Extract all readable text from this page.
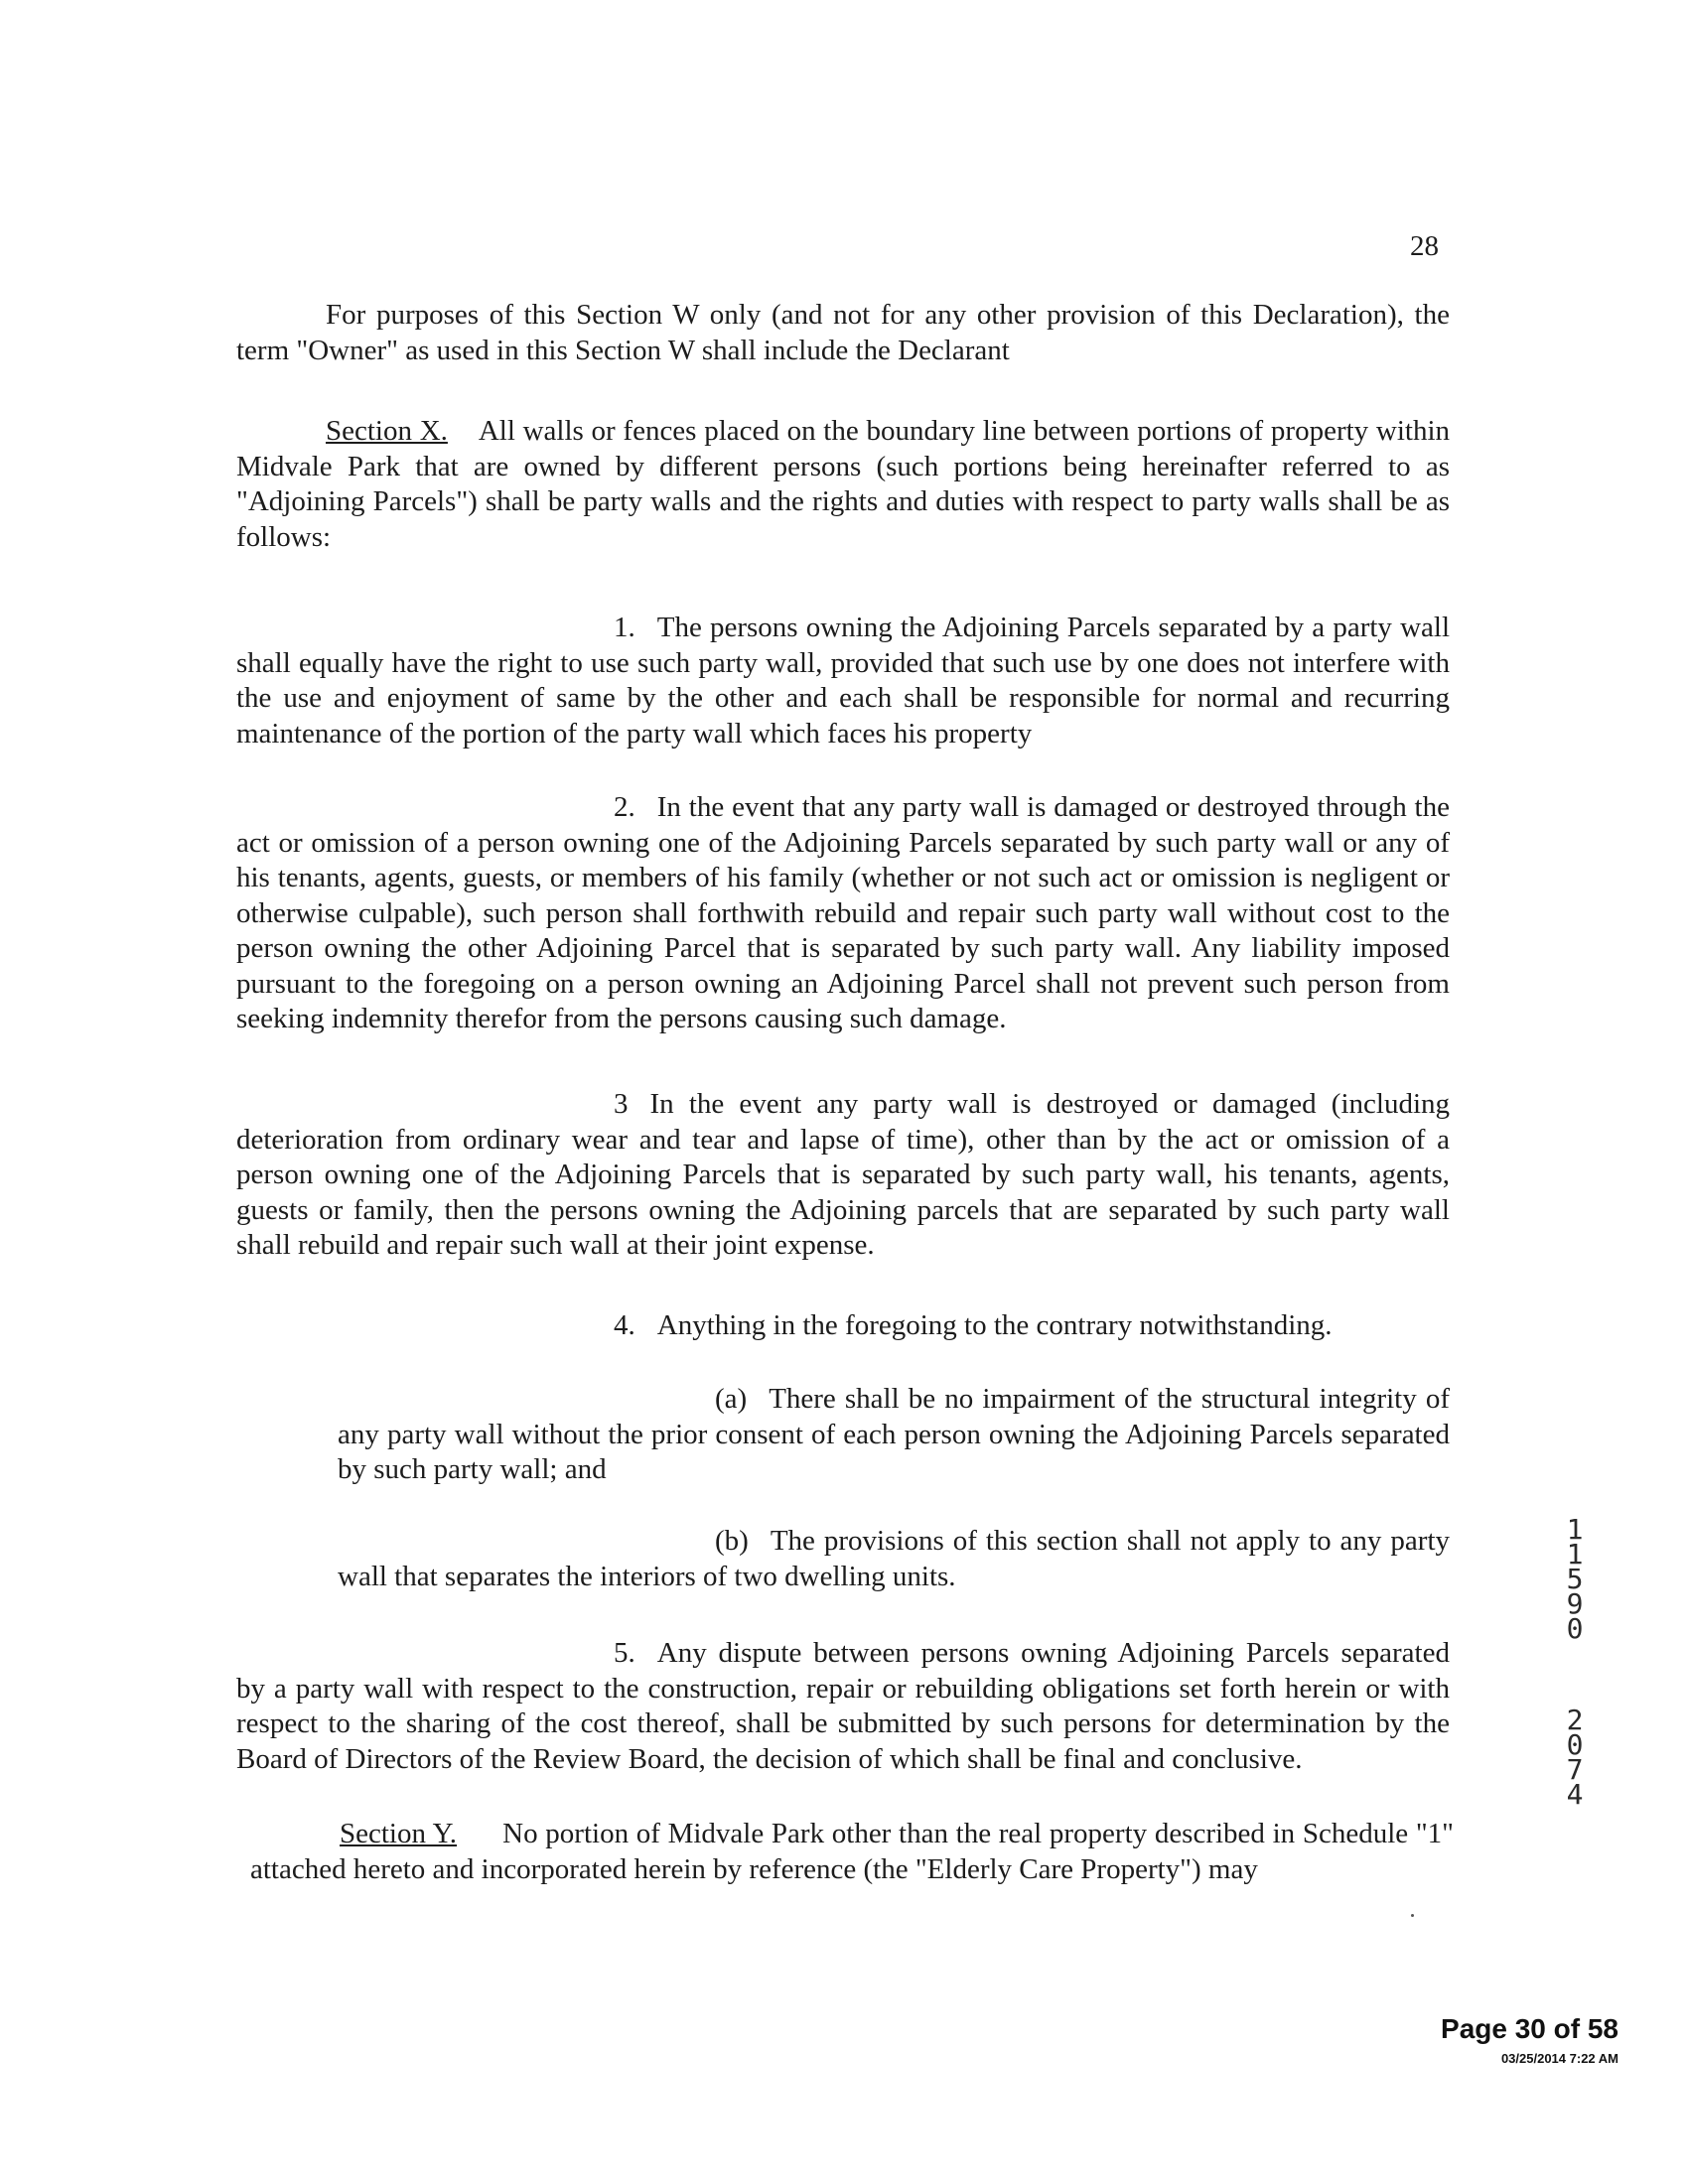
28

For purposes of this Section W only (and not for any other provision of this Declaration), the term "Owner" as used in this Section W shall include the Declarant

Section X. All walls or fences placed on the boundary line between portions of property within Midvale Park that are owned by different persons (such portions being hereinafter referred to as "Adjoining Parcels") shall be party walls and the rights and duties with respect to party walls shall be as follows:

1. The persons owning the Adjoining Parcels separated by a party wall shall equally have the right to use such party wall, provided that such use by one does not interfere with the use and enjoyment of same by the other and each shall be responsible for normal and recurring maintenance of the portion of the party wall which faces his property

2. In the event that any party wall is damaged or destroyed through the act or omission of a person owning one of the Adjoining Parcels separated by such party wall or any of his tenants, agents, guests, or members of his family (whether or not such act or omission is negligent or otherwise culpable), such person shall forthwith rebuild and repair such party wall without cost to the person owning the other Adjoining Parcel that is separated by such party wall. Any liability imposed pursuant to the foregoing on a person owning an Adjoining Parcel shall not prevent such person from seeking indemnity therefor from the persons causing such damage.

3 In the event any party wall is destroyed or damaged (including deterioration from ordinary wear and tear and lapse of time), other than by the act or omission of a person owning one of the Adjoining Parcels that is separated by such party wall, his tenants, agents, guests or family, then the persons owning the Adjoining parcels that are separated by such party wall shall rebuild and repair such wall at their joint expense.

4. Anything in the foregoing to the contrary notwithstanding.

(a) There shall be no impairment of the structural integrity of any party wall without the prior consent of each person owning the Adjoining Parcels separated by such party wall; and

(b) The provisions of this section shall not apply to any party wall that separates the interiors of two dwelling units.

5. Any dispute between persons owning Adjoining Parcels separated by a party wall with respect to the construction, repair or rebuilding obligations set forth herein or with respect to the sharing of the cost thereof, shall be submitted by such persons for determination by the Board of Directors of the Review Board, the decision of which shall be final and conclusive.

Section Y. No portion of Midvale Park other than the real property described in Schedule "1" attached hereto and incorporated herein by reference (the "Elderly Care Property") may

1
1
5
9
0
2
0
7
4
Page 30 of 58
03/25/2014 7:22 AM
